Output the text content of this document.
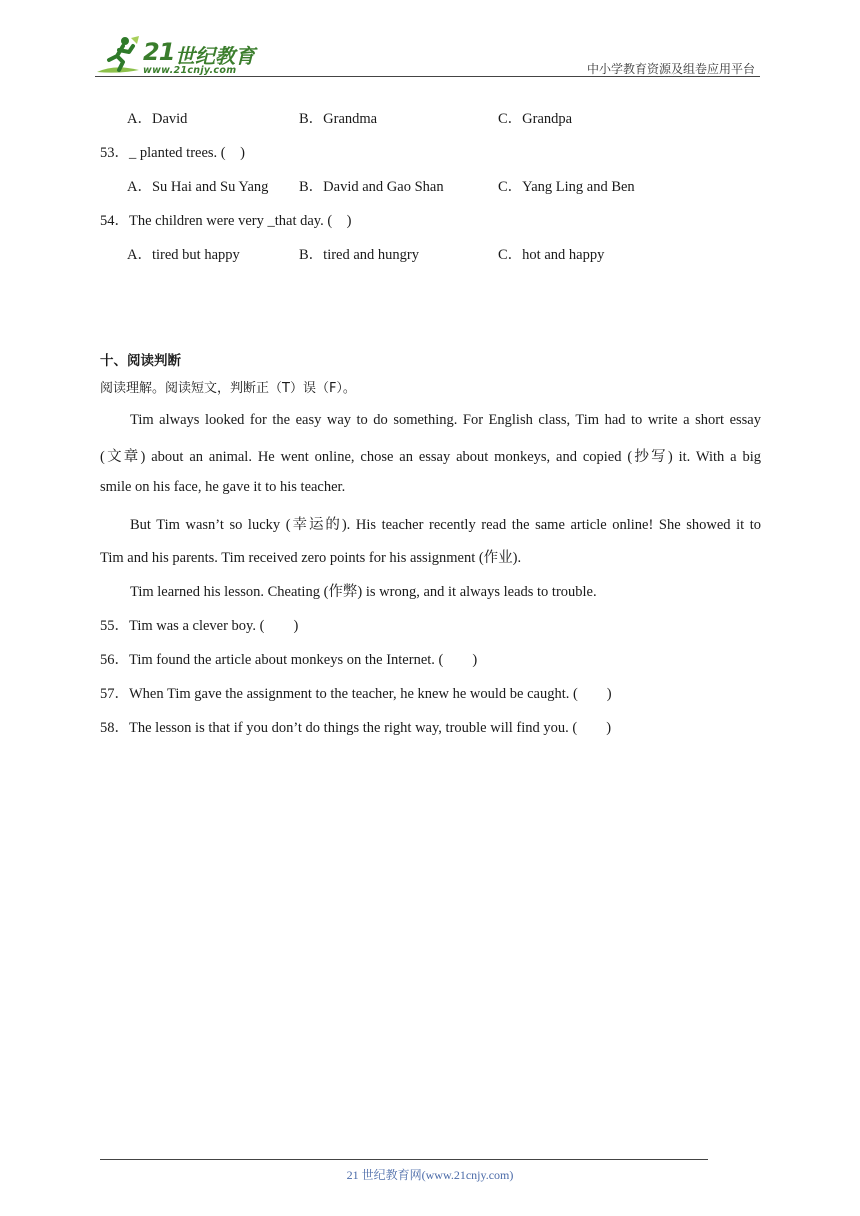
21 世纪教育
www.21cnjy.com	中小学教育资源及组卷应用平台
A．David	B．Grandma	C．Grandpa
53．_ planted trees. (　)
A．Su Hai and Su Yang B．David and Gao Shan	C．Yang Ling and Ben
54．The children were very _that day. (　)
A．tired but happy	B．tired and hungry	C．hot and happy
十、阅读判断
阅读理解。阅读短文，判断正（T）误（F）。
Tim always looked for the easy way to do something. For English class, Tim had to write a short essay
(文章) about an animal. He went online, chose an essay about monkeys, and copied (抄写) it. With a big
smile on his face, he gave it to his teacher.
But Tim wasn’t so lucky (幸运的). His teacher recently read the same article online! She showed it to
Tim and his parents. Tim received zero points for his assignment (作业).
Tim learned his lesson. Cheating (作弊) is wrong, and it always leads to trouble.
55．Tim was a clever boy. (　　)
56．Tim found the article about monkeys on the Internet. (　　)
57．When Tim gave the assignment to the teacher, he knew he would be caught. (　　)
58．The lesson is that if you don’t do things the right way, trouble will find you. (　　)
21 世纪教育网(www.21cnjy.com)
